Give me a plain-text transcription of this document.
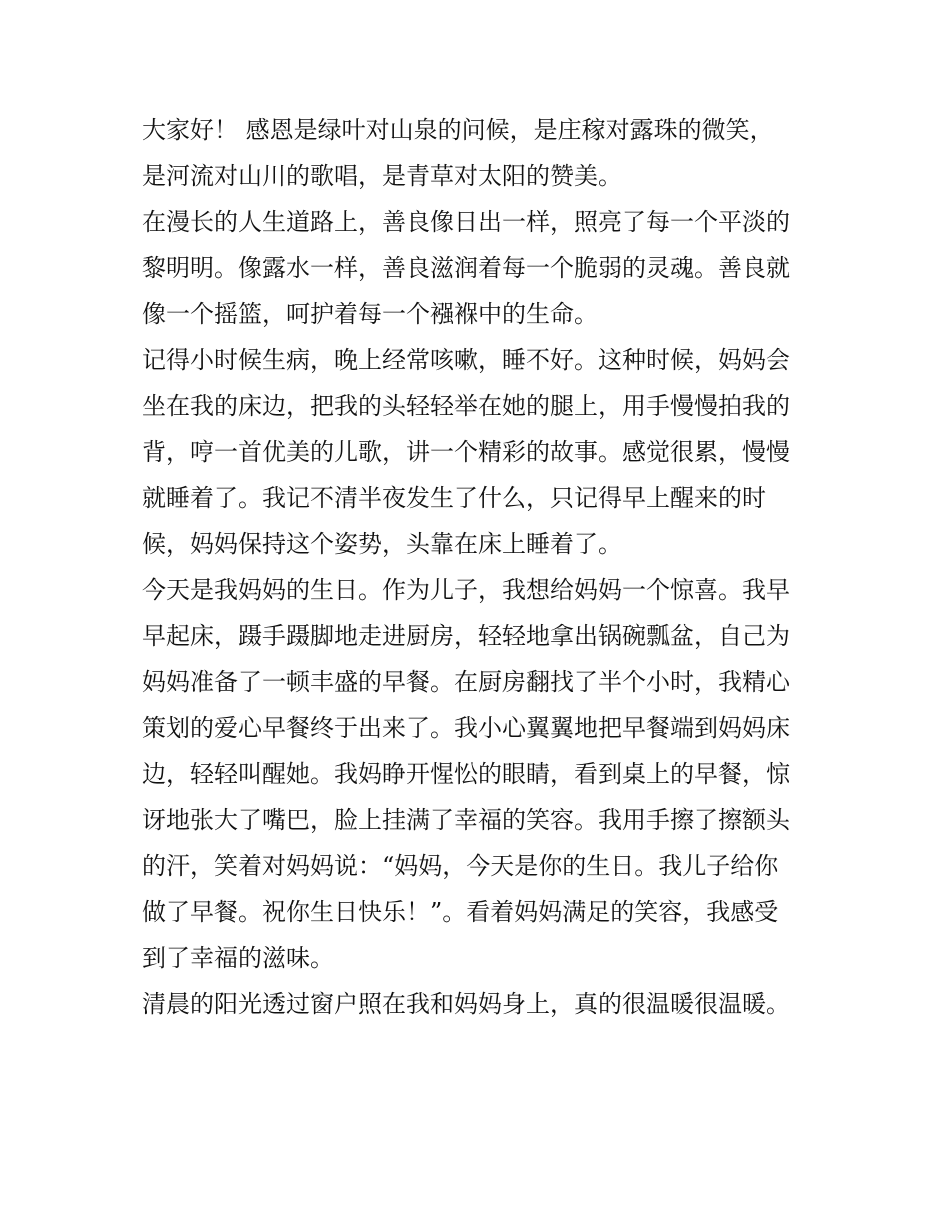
大家好！ 感恩是绿叶对山泉的问候，是庄稼对露珠的微笑，
是河流对山川的歌唱，是青草对太阳的赞美。
在漫长的人生道路上，善良像日出一样，照亮了每一个平淡的
黎明明。像露水一样，善良滋润着每一个脆弱的灵魂。善良就
像一个摇篮，呵护着每一个襁褓中的生命。
记得小时候生病，晚上经常咳嗽，睡不好。这种时候，妈妈会
坐在我的床边，把我的头轻轻举在她的腿上，用手慢慢拍我的
背，哼一首优美的儿歌，讲一个精彩的故事。感觉很累，慢慢
就睡着了。我记不清半夜发生了什么，只记得早上醒来的时
候，妈妈保持这个姿势，头靠在床上睡着了。
今天是我妈妈的生日。作为儿子，我想给妈妈一个惊喜。我早
早起床，蹑手蹑脚地走进厨房，轻轻地拿出锅碗瓢盆，自己为
妈妈准备了一顿丰盛的早餐。在厨房翻找了半个小时，我精心
策划的爱心早餐终于出来了。我小心翼翼地把早餐端到妈妈床
边，轻轻叫醒她。我妈睁开惺忪的眼睛，看到桌上的早餐，惊
讶地张大了嘴巴，脸上挂满了幸福的笑容。我用手擦了擦额头
的汗，笑着对妈妈说：“妈妈，今天是你的生日。我儿子给你
做了早餐。祝你生日快乐！”。看着妈妈满足的笑容，我感受
到了幸福的滋味。
清晨的阳光透过窗户照在我和妈妈身上，真的很温暖很温暖。
